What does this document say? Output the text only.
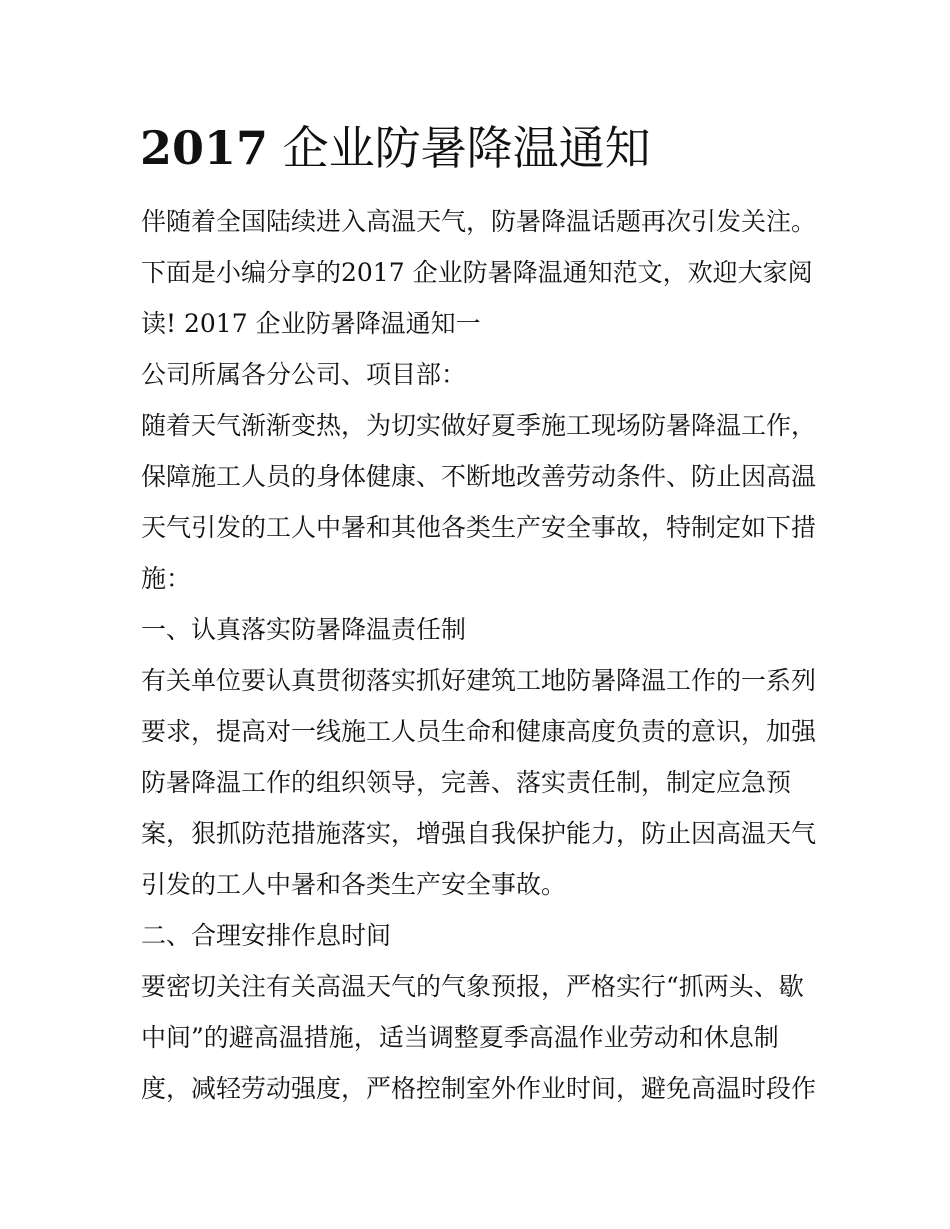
2017 企业防暑降温通知
伴随着全国陆续进入高温天气，防暑降温话题再次引发关注。
下面是小编分享的2017 企业防暑降温通知范文，欢迎大家阅
读! 2017 企业防暑降温通知一
公司所属各分公司、项目部：
随着天气渐渐变热，为切实做好夏季施工现场防暑降温工作，
保障施工人员的身体健康、不断地改善劳动条件、防止因高温
天气引发的工人中暑和其他各类生产安全事故，特制定如下措
施：
一、认真落实防暑降温责任制
有关单位要认真贯彻落实抓好建筑工地防暑降温工作的一系列
要求，提高对一线施工人员生命和健康高度负责的意识，加强
防暑降温工作的组织领导，完善、落实责任制，制定应急预
案，狠抓防范措施落实，增强自我保护能力，防止因高温天气
引发的工人中暑和各类生产安全事故。
二、合理安排作息时间
要密切关注有关高温天气的气象预报，严格实行“抓两头、歇
中间”的避高温措施，适当调整夏季高温作业劳动和休息制
度，减轻劳动强度，严格控制室外作业时间，避免高温时段作
